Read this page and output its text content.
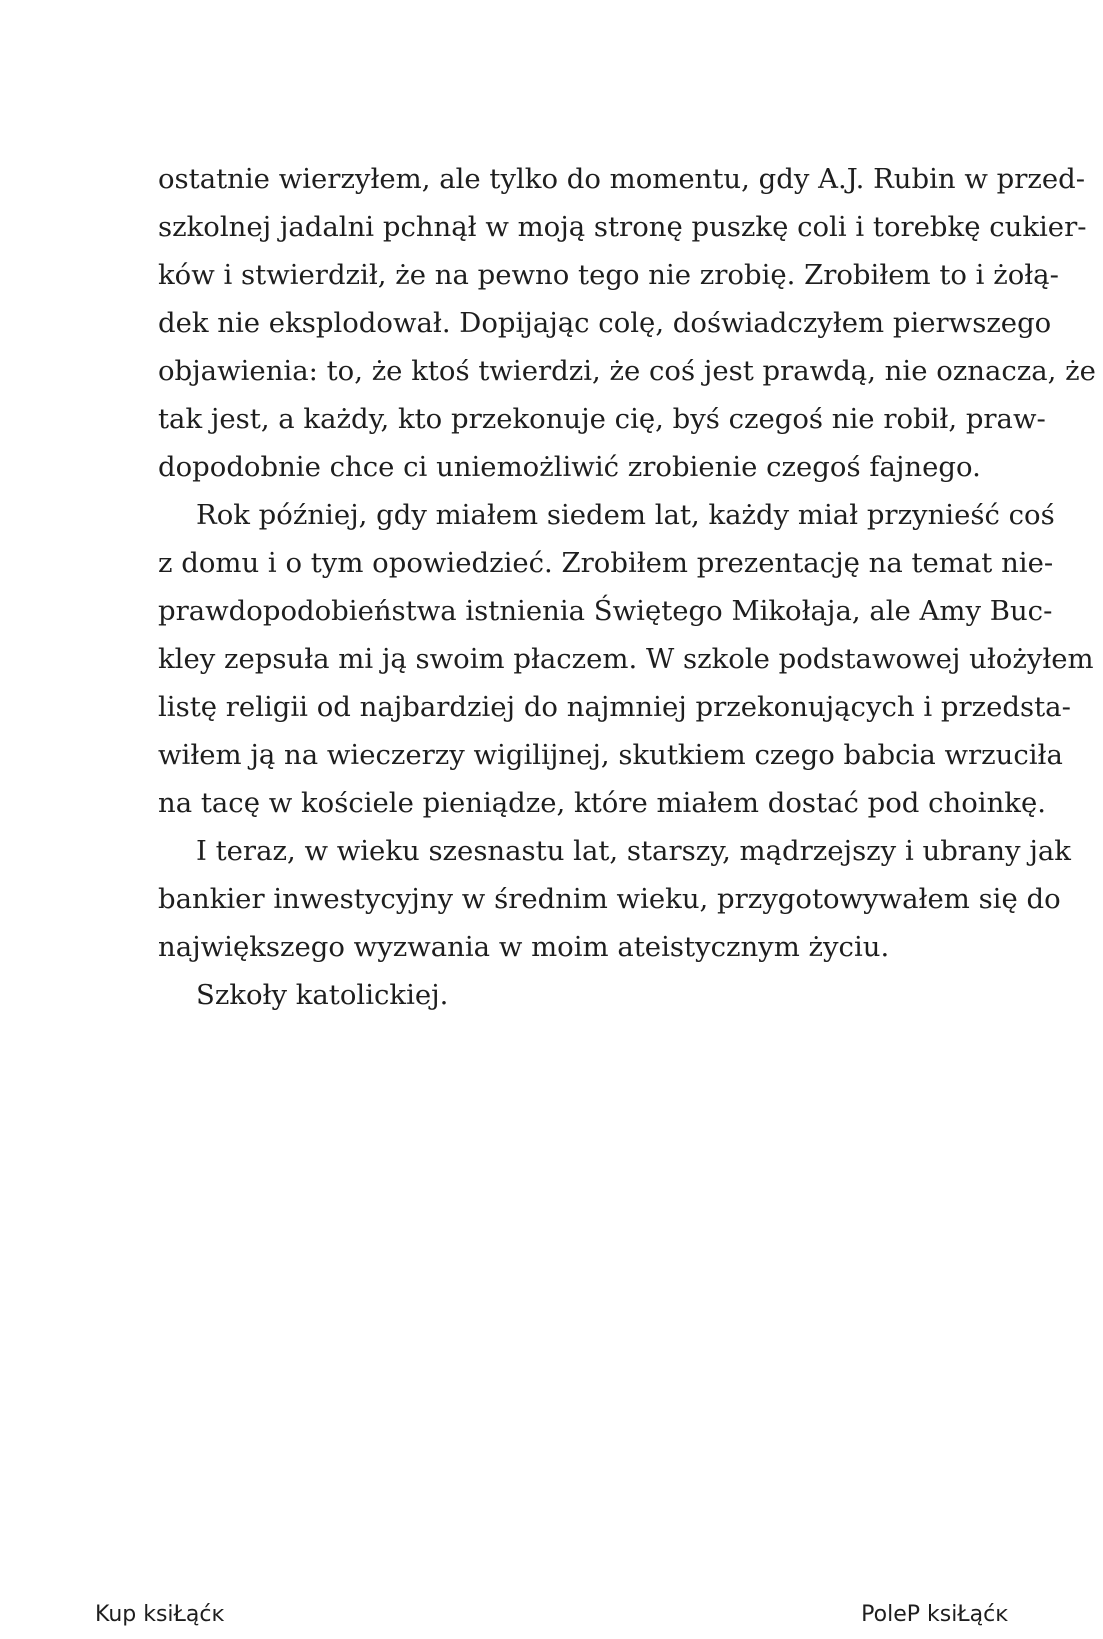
ostatnie wierzyłem, ale tylko do momentu, gdy A.J. Rubin w przed-
szkolnej jadalni pchnął w moją stronę puszkę coli i torebkę cukier-
ków i stwierdził, że na pewno tego nie zrobię. Zrobiłem to i żołą-
dek nie eksplodował. Dopijając colę, doświadczyłem pierwszego
objawienia: to, że ktoś twierdzi, że coś jest prawdą, nie oznacza, że
tak jest, a każdy, kto przekonuje cię, byś czegoś nie robił, praw-
dopodobnie chce ci uniemożliwić zrobienie czegoś fajnego.
Rok później, gdy miałem siedem lat, każdy miał przynieść coś
z domu i o tym opowiedzieć. Zrobiłem prezentację na temat nie-
prawdopodobieństwa istnienia Świętego Mikołaja, ale Amy Buc-
kley zepsuła mi ją swoim płaczem. W szkole podstawowej ułożyłem
listę religii od najbardziej do najmniej przekonujących i przedsta-
wiłem ją na wieczerzy wigilijnej, skutkiem czego babcia wrzuciła
na tacę w kościele pieniądze, które miałem dostać pod choinkę.
I teraz, w wieku szesnastu lat, starszy, mądrzejszy i ubrany jak
bankier inwestycyjny w średnim wieku, przygotowywałem się do
największego wyzwania w moim ateistycznym życiu.
Szkoły katolickiej.
Kup ksiŁąćĸ	PoleP ksiŁąćĸ
